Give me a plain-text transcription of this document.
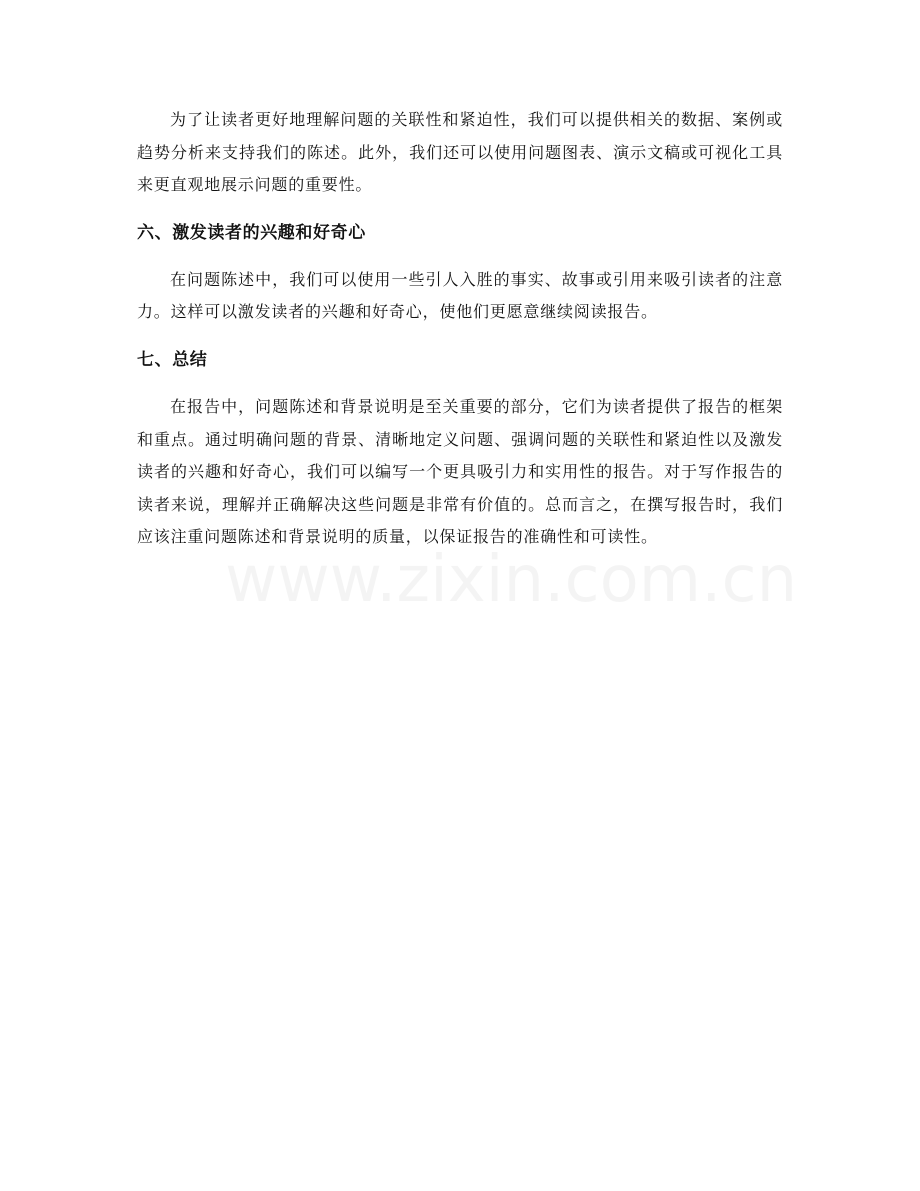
为了让读者更好地理解问题的关联性和紧迫性，我们可以提供相关的数据、案例或趋势分析来支持我们的陈述。此外，我们还可以使用问题图表、演示文稿或可视化工具来更直观地展示问题的重要性。

六、激发读者的兴趣和好奇心

在问题陈述中，我们可以使用一些引人入胜的事实、故事或引用来吸引读者的注意力。这样可以激发读者的兴趣和好奇心，使他们更愿意继续阅读报告。

七、总结

在报告中，问题陈述和背景说明是至关重要的部分，它们为读者提供了报告的框架和重点。通过明确问题的背景、清晰地定义问题、强调问题的关联性和紧迫性以及激发读者的兴趣和好奇心，我们可以编写一个更具吸引力和实用性的报告。对于写作报告的读者来说，理解并正确解决这些问题是非常有价值的。总而言之，在撰写报告时，我们应该注重问题陈述和背景说明的质量，以保证报告的准确性和可读性。
